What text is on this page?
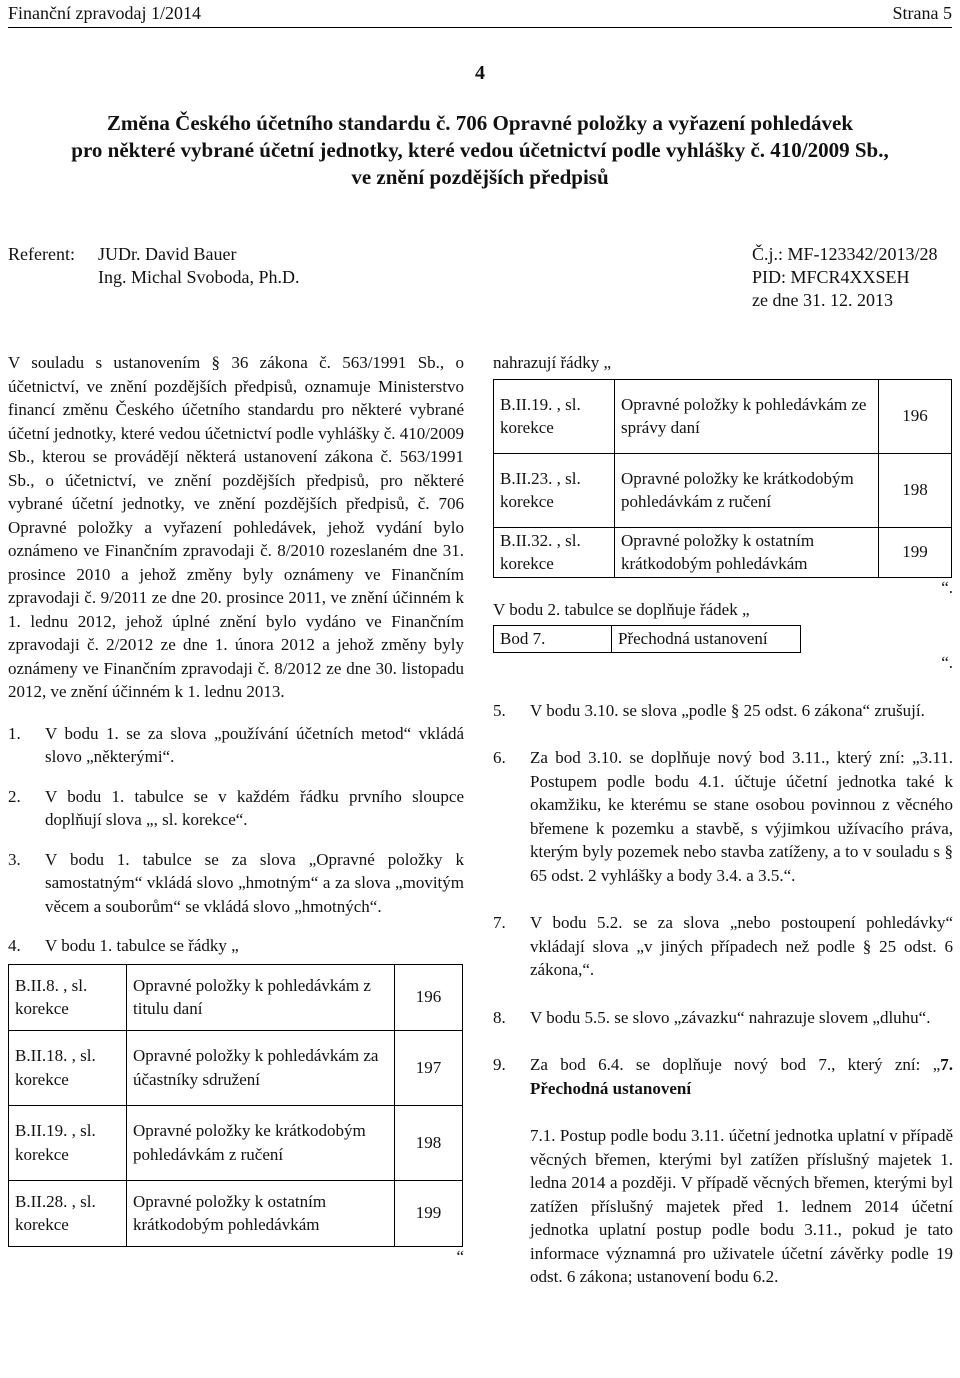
Finanční zpravodaj 1/2014	Strana 5
4
Změna Českého účetního standardu č. 706 Opravné položky a vyřazení pohledávek
pro některé vybrané účetní jednotky, které vedou účetnictví podle vyhlášky č. 410/2009 Sb.,
ve znění pozdějších předpisů
Referent: JUDr. David Bauer
Ing. Michal Svoboda, Ph.D.
Č.j.: MF-123342/2013/28
PID: MFCR4XXSEH
ze dne 31. 12. 2013
V souladu s ustanovením § 36 zákona č. 563/1991 Sb., o účetnictví, ve znění pozdějších předpisů, oznamuje Ministerstvo financí změnu Českého účetního standardu pro některé vybrané účetní jednotky, které vedou účetnictví podle vyhlášky č. 410/2009 Sb., kterou se provádějí některá ustanovení zákona č. 563/1991 Sb., o účetnictví, ve znění pozdějších předpisů, pro některé vybrané účetní jednotky, ve znění pozdějších předpisů, č. 706 Opravné položky a vyřazení pohledávek, jehož vydání bylo oznámeno ve Finančním zpravodaji č. 8/2010 rozeslaném dne 31. prosince 2010 a jehož změny byly oznámeny ve Finančním zpravodaji č. 9/2011 ze dne 20. prosince 2011, ve znění účinném k 1. lednu 2012, jehož úplné znění bylo vydáno ve Finančním zpravodaji č. 2/2012 ze dne 1. února 2012 a jehož změny byly oznámeny ve Finančním zpravodaji č. 8/2012 ze dne 30. listopadu 2012, ve znění účinném k 1. lednu 2013.
1.	V bodu 1. se za slova „používání účetních metod“ vkládá slovo „některými“.
2.	V bodu 1. tabulce se v každém řádku prvního sloupce doplňují slova „, sl. korekce“.
3.	V bodu 1. tabulce se za slova „Opravné položky k samostatným“ vkládá slovo „hmotným“ a za slova „movitým věcem a souborům“ se vkládá slovo „hmotných“.
4.	V bodu 1. tabulce se řádky „
B.II.8. , sl. korekce	Opravné položky k pohledávkám z titulu daní	196
B.II.18. , sl. korekce	Opravné položky k pohledávkám za účastníky sdružení	197
B.II.19. , sl. korekce	Opravné položky ke krátkodobým pohledávkám z ručení	198
B.II.28. , sl. korekce	Opravné položky k ostatním krátkodobým pohledávkám	199
“
nahrazují řádky „
B.II.19. , sl. korekce	Opravné položky k pohledávkám ze správy daní	196
B.II.23. , sl. korekce	Opravné položky ke krátkodobým pohledávkám z ručení	198
B.II.32. , sl. korekce	Opravné položky k ostatním krátkodobým pohledávkám	199
“.
V bodu 2. tabulce se doplňuje řádek „
Bod 7.	Přechodná ustanovení
“.
5.	V bodu 3.10. se slova „podle § 25 odst. 6 zákona“ zrušují.
6.	Za bod 3.10. se doplňuje nový bod 3.11., který zní: „3.11. Postupem podle bodu 4.1. účtuje účetní jednotka také k okamžiku, ke kterému se stane osobou povinnou z věcného břemene k pozemku a stavbě, s výjimkou užívacího práva, kterým byly pozemek nebo stavba zatíženy, a to v souladu s § 65 odst. 2 vyhlášky a body 3.4. a 3.5.“.
7.	V bodu 5.2. se za slova „nebo postoupení pohledávky“ vkládají slova „v jiných případech než podle § 25 odst. 6 zákona,“.
8.	V bodu 5.5. se slovo „závazku“ nahrazuje slovem „dluhu“.
9.	Za bod 6.4. se doplňuje nový bod 7., který zní: „7. Přechodná ustanovení
7.1. Postup podle bodu 3.11. účetní jednotka uplatní v případě věcných břemen, kterými byl zatížen příslušný majetek 1. ledna 2014 a později. V případě věcných břemen, kterými byl zatížen příslušný majetek před 1. lednem 2014 účetní jednotka uplatní postup podle bodu 3.11., pokud je tato informace významná pro uživatele účetní závěrky podle 19 odst. 6 zákona; ustanovení bodu 6.2.
